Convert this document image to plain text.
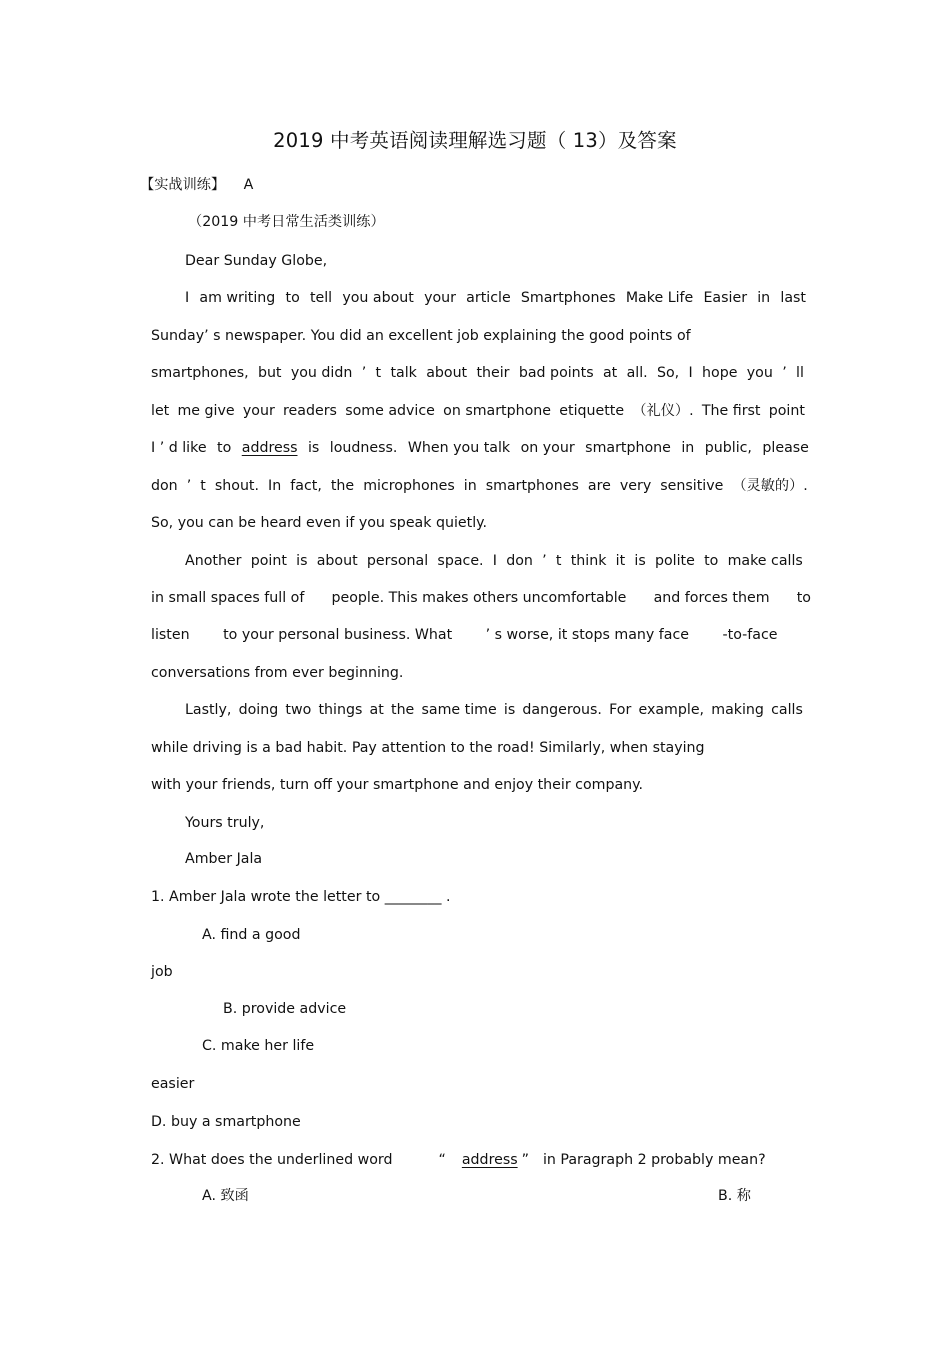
2019 中考英语阅读理解选习题（ 13）及答案
【实战训练】 A
（2019 中考日常生活类训练）
Dear Sunday Globe,
I am writing to tell you about your article Smartphones Make Life Easier in last
Sunday’ s newspaper. You did an excellent job explaining the good points of
smartphones, but you didn ’ t talk about their bad points at all. So, I hope you ’ ll
let me give your readers some advice on smartphone etiquette （礼仪）. The first point
I ’ d like to address is loudness. When you talk on your smartphone in public, please
don ’ t shout. In fact, the microphones in smartphones are very sensitive （灵敏的）.
So, you can be heard even if you speak quietly.
Another point is about personal space. I don ’ t think it is polite to make calls
in small spaces full of people. This makes others uncomfortable and forces them to
listen to your personal business. What ’ s worse, it stops many face -to-face
conversations from ever beginning.
Lastly, doing two things at the same time is dangerous. For example, making calls
while driving is a bad habit. Pay attention to the road! Similarly, when staying
with your friends, turn off your smartphone and enjoy their company.
Yours truly,
Amber Jala
1. Amber Jala wrote the letter to ________ .
A. find a good
job
B. provide advice
C. make her life
easier
D. buy a smartphone
2. What does the underlined word	“ address ” in Paragraph 2 probably mean?
A. 致函	B. 称
